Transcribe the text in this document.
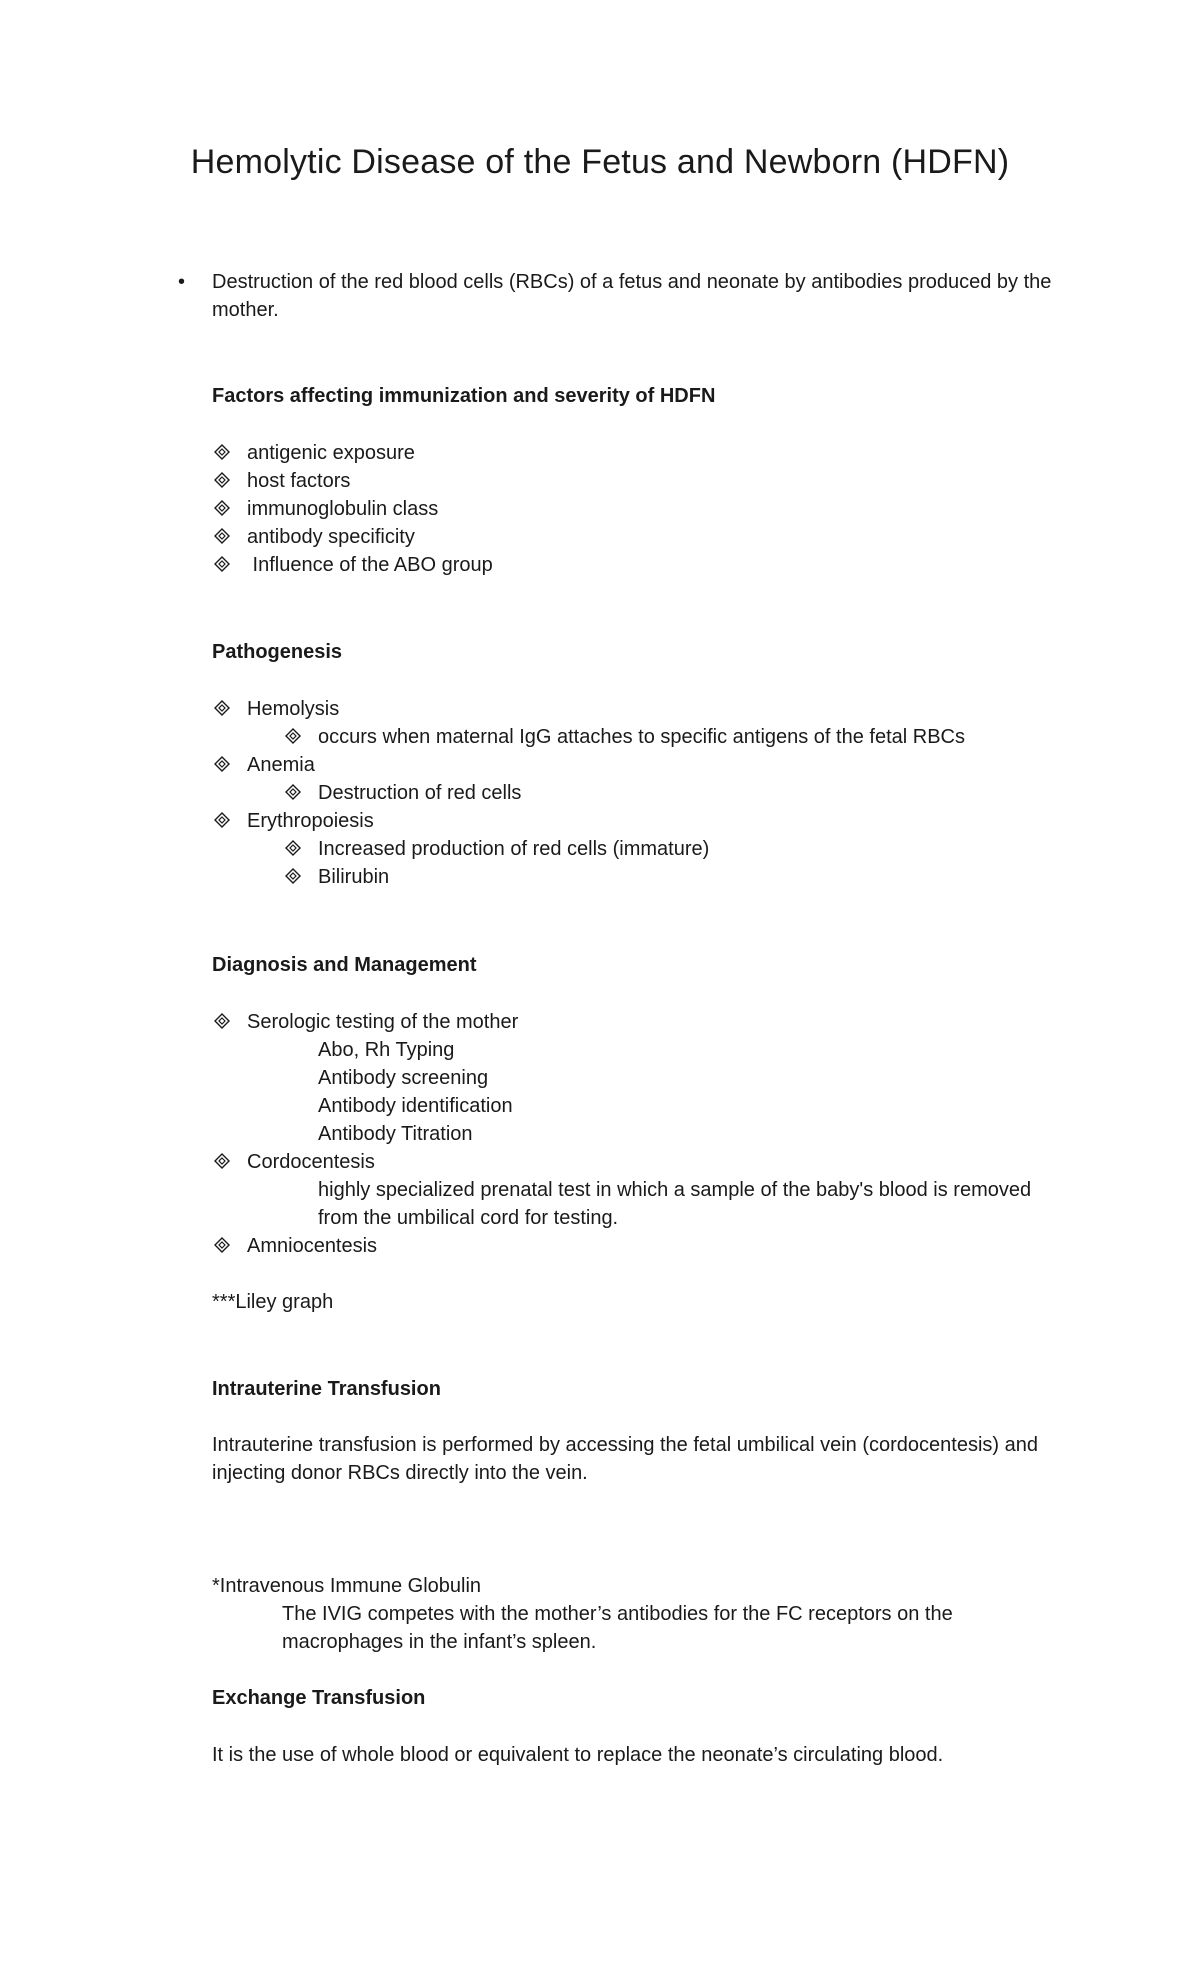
Hemolytic Disease of the Fetus and Newborn (HDFN)
• Destruction of the red blood cells (RBCs) of a fetus and neonate by antibodies produced by the

mother.

Factors affecting immunization and severity of HDFN

antigenic exposure

host factors

immunoglobulin class

antibody specificity

Influence of the ABO group

Pathogenesis

Hemolysis

occurs when maternal IgG attaches to specific antigens of the fetal RBCs

Anemia

Destruction of red cells

Erythropoiesis

Increased production of red cells (immature)

Bilirubin

Diagnosis and Management

Serologic testing of the mother

Abo, Rh Typing

Antibody screening

Antibody identification

Antibody Titration

Cordocentesis

highly specialized prenatal test in which a sample of the baby's blood is removed

from the umbilical cord for testing.

Amniocentesis

***Liley graph

Intrauterine Transfusion

Intrauterine transfusion is performed by accessing the fetal umbilical vein (cordocentesis) and

injecting donor RBCs directly into the vein.

*Intravenous Immune Globulin

The IVIG competes with the mother’s antibodies for the FC receptors on the

macrophages in the infant’s spleen.

Exchange Transfusion

It is the use of whole blood or equivalent to replace the neonate’s circulating blood.
